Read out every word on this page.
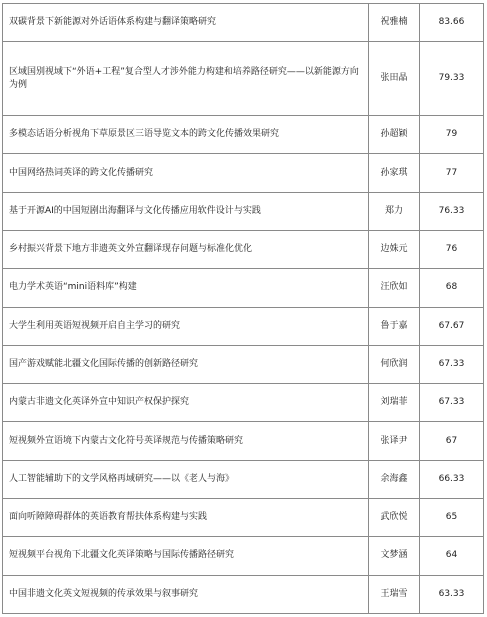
双碳背景下新能源对外话语体系构建与翻译策略研究	祝雅楠	83.66
区域国别视域下“外语+工程”复合型人才涉外能力构建和培养路径研究——以新能源方向为例	张田晶	79.33
多模态话语分析视角下草原景区三语导览文本的跨文化传播效果研究	孙超颖	79
中国网络热词英译的跨文化传播研究	孙家琪	77
基于开源AI的中国短剧出海翻译与文化传播应用软件设计与实践	郑力	76.33
乡村振兴背景下地方非遗英文外宣翻译现存问题与标准化优化	边姝元	76
电力学术英语“mini语料库”构建	汪欣如	68
大学生利用英语短视频开启自主学习的研究	鲁于嘉	67.67
国产游戏赋能北疆文化国际传播的创新路径研究	何欣润	67.33
内蒙古非遗文化英译外宣中知识产权保护探究	刘瑞菲	67.33
短视频外宣语境下内蒙古文化符号英译规范与传播策略研究	张译尹	67
人工智能辅助下的文学风格再域研究——以《老人与海》	余海鑫	66.33
面向听障障碍群体的英语教育帮扶体系构建与实践	武欣悦	65
短视频平台视角下北疆文化英译策略与国际传播路径研究	文梦涵	64
中国非遗文化英文短视频的传承效果与叙事研究	王瑞雪	63.33
